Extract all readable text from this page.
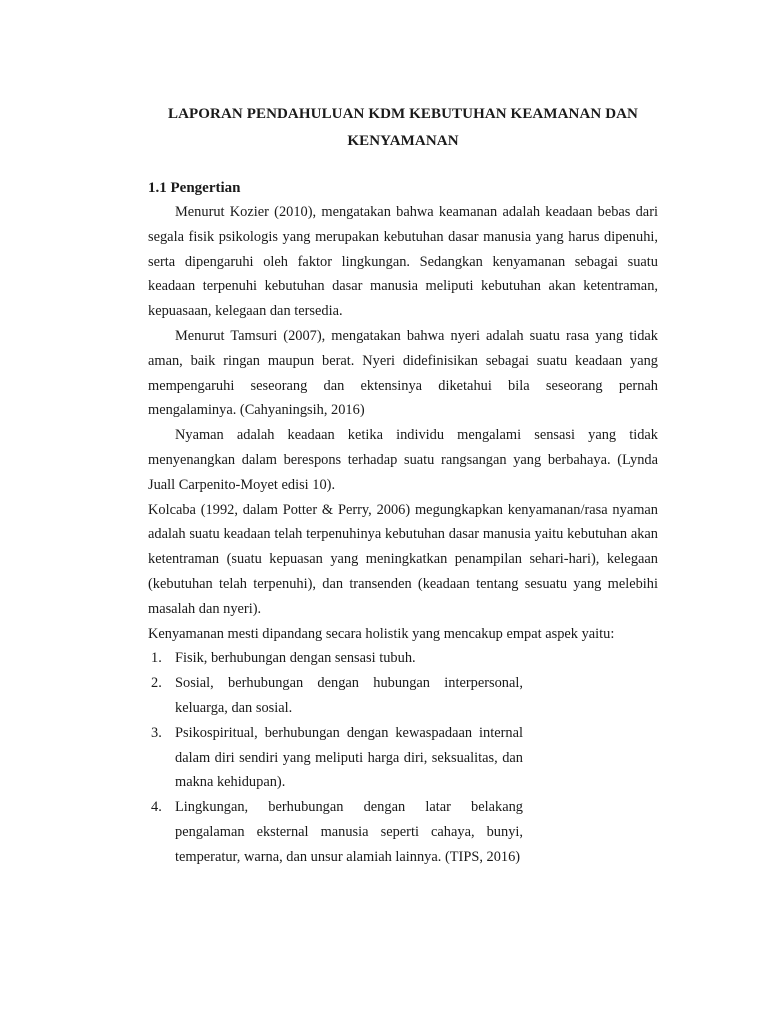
LAPORAN PENDAHULUAN KDM KEBUTUHAN KEAMANAN DAN
KENYAMANAN
1.1 Pengertian

Menurut Kozier (2010), mengatakan bahwa keamanan adalah keadaan bebas dari segala fisik psikologis yang merupakan kebutuhan dasar manusia yang harus dipenuhi, serta dipengaruhi oleh faktor lingkungan. Sedangkan kenyamanan sebagai suatu keadaan terpenuhi kebutuhan dasar manusia meliputi kebutuhan akan ketentraman, kepuasaan, kelegaan dan tersedia.

Menurut Tamsuri (2007), mengatakan bahwa nyeri adalah suatu rasa yang tidak aman, baik ringan maupun berat. Nyeri didefinisikan sebagai suatu keadaan yang mempengaruhi seseorang dan ektensinya diketahui bila seseorang pernah mengalaminya. (Cahyaningsih, 2016)

Nyaman adalah keadaan ketika individu mengalami sensasi yang tidak menyenangkan dalam berespons terhadap suatu rangsangan yang berbahaya. (Lynda Juall Carpenito-Moyet edisi 10).

Kolcaba (1992, dalam Potter & Perry, 2006) megungkapkan kenyamanan/rasa nyaman adalah suatu keadaan telah terpenuhinya kebutuhan dasar manusia yaitu kebutuhan akan ketentraman (suatu kepuasan yang meningkatkan penampilan sehari-hari), kelegaan (kebutuhan telah terpenuhi), dan transenden (keadaan tentang sesuatu yang melebihi masalah dan nyeri).

Kenyamanan mesti dipandang secara holistik yang mencakup empat aspek yaitu:

1. Fisik, berhubungan dengan sensasi tubuh.
2. Sosial, berhubungan dengan hubungan interpersonal, keluarga, dan sosial.
3. Psikospiritual, berhubungan dengan kewaspadaan internal dalam diri sendiri yang meliputi harga diri, seksualitas, dan makna kehidupan).
4. Lingkungan, berhubungan dengan latar belakang pengalaman eksternal manusia seperti cahaya, bunyi, temperatur, warna, dan unsur alamiah lainnya. (TIPS, 2016)
